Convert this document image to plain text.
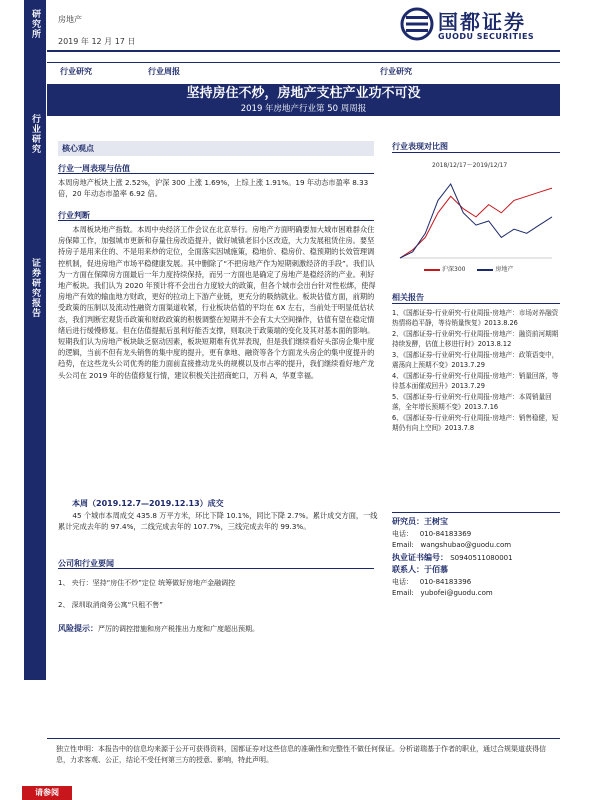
研究所
行业研究
证券研究报告
房地产
2019 年 12 月 17 日
国都证券
GUODU SECURITIES
行业研究	行业周报	行业研究
坚持房住不炒，房地产支柱产业功不可没
2019 年房地产行业第 50 周周报
核心观点
行业一周表现与估值

本周房地产板块上涨 2.52%，沪深 300 上涨 1.69%，上综上涨 1.91%。19 年动态市盈率 8.33 倍，20 年动态市盈率 6.92 倍。

行业判断

本周板块地产指数。本周中央经济工作会议在北京举行。房地产方面明确要加大城市困难群众住房保障工作，加强城市更新和存量住房改造提升，做好城镇老旧小区改造，大力发展租赁住房。要坚持房子是用来住的、不是用来炒的定位，全面落实因城施策，稳地价、稳房价、稳预期的长效管理调控机制，促进房地产市场平稳健康发展。其中删除了“不把房地产作为短期刺激经济的手段”。我们认为一方面在保障房方面最后一年力度持续保持，而另一方面也是确定了房地产是稳经济的产业。利好地产板块。我们认为 2020 年预计将不会出台力度较大的政策，但各个城市会出台针对性松绑，使得房地产有效的输血地方财政，更好的拉动上下游产业链，更充分的吸纳就业。板块估值方面，前期的受政策的压制以及流动性融资方面渠道收紧，行业板块估值的平均在 6X 左右，当前处于明显低估状态，我们判断宏观货币政策和财政政策的积极调整在短期并不会有太大空间操作，估值有望在稳定情绪后进行缓慢修复。但在估值提振后虽利好能否支撑，则取决于政策端的变化及其对基本面的影响。短期我们认为房地产板块缺乏驱动因素，板块短期难有优异表现，但是我们继续看好头部房企集中度的逻辑，当前不但有龙头销售的集中度的提升，更有拿地、融资等各个方面龙头房企的集中度提升的趋势，在这些龙头公司优秀的能力面前直接推动龙头的规模以及市占率的提升，我们继续看好地产龙头公司在 2019 年的估值修复行情，建议积极关注招商蛇口，万科 A，华夏幸福。

本周（2019.12.7—2019.12.13）成交

45 个城市本周成交 435.8 万平方米，环比下降 10.1%，同比下降 2.7%。累计成交方面，一线累计完成去年的 97.4%，二线完成去年的 107.7%，三线完成去年的 99.3%。

公司和行业要闻
1、 央行：坚持“房住不炒”定位 统筹做好房地产金融调控
2、 深圳取消商务公寓“只租不售”
风险提示：严厉的调控措施和房产税推出力度和广度超出预期。
行业表现对比图
2018/12/17～2019/12/17
沪深300	房地产
相关报告
1、《国都证券-行业研究-行业周报-房地产：市场对养融资热情将趋平静，等待销量恢复》2013.8.26
2、《国都证券-行业研究-行业周报-房地产：融资前河期期持续发酵，估值上移进行时》2013.8.12
3、《国都证券-行业研究-行业周报-房地产：政策语变中，震荡向上预期不变》2013.7.29
4、《国都证券-行业研究-行业周报-房地产：销量回落，等待基本面催成回升》2013.7.29
5、《国都证券-行业研究-行业周报-房地产：本周销量回落，全年增长预期不变》2013.7.16
6、《国都证券-行业研究-行业周报-房地产：销售稳健，短期仍有向上空间》2013.7.8
研究员：王树宝
电话： 010-84183369
Email: wangshubao@guodu.com
执业证书编号： S0940511080001
联系人：于佰慕
电话： 010-84183396
Email: yubofei@guodu.com
独立性申明：本报告中的信息均来源于公开可获得资料，国都证券对这些信息的准确性和完整性不做任何保证。分析诺瑞基于作者的职业，通过合规渠道获得信息，力求客观、公正，结论不受任何第三方的授意、影响，特此声明。
请参阅
